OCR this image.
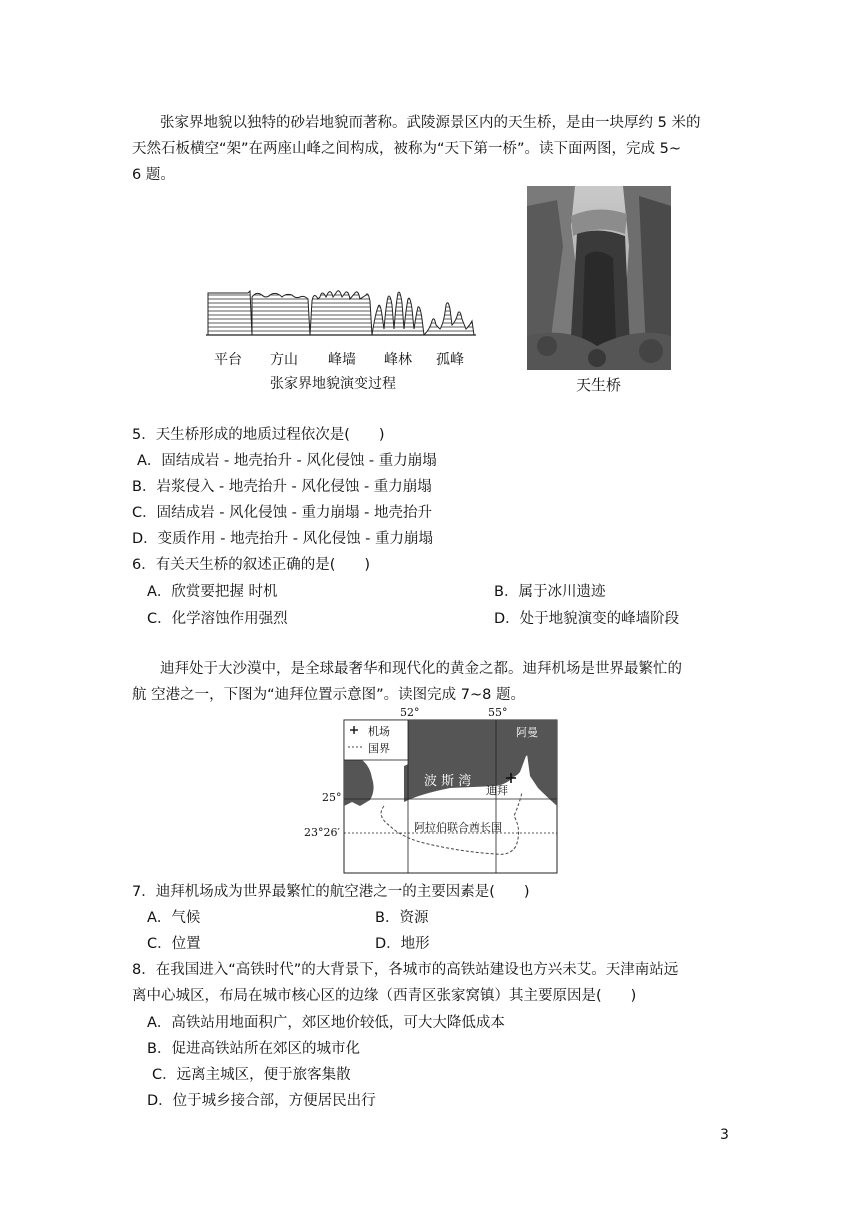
张家界地貌以独特的砂岩地貌而著称。武陵源景区内的天生桥，是由一块厚约 5 米的
天然石板横空“架”在两座山峰之间构成，被称为“天下第一桥”。读下面两图，完成 5~
6 题。
平台 方山 峰墙 峰林 孤峰
张家界地貌演变过程	天生桥
5．天生桥形成的地质过程依次是(　　)
A．固结成岩 - 地壳抬升 - 风化侵蚀 - 重力崩塌
B．岩浆侵入 - 地壳抬升 - 风化侵蚀 - 重力崩塌
C．固结成岩 - 风化侵蚀 - 重力崩塌 - 地壳抬升
D．变质作用 - 地壳抬升 - 风化侵蚀 - 重力崩塌
6．有关天生桥的叙述正确的是(　　)
A．欣赏要把握 时机	B．属于冰川遗迹
C．化学溶蚀作用强烈	D．处于地貌演变的峰墙阶段
迪拜处于大沙漠中，是全球最奢华和现代化的黄金之都。迪拜机场是世界最繁忙的
航 空港之一，下图为“迪拜位置示意图”。读图完成 7~8 题。
52°	55°
25°
23°26′
机场
国界
波 斯 湾
阿曼
迪拜
阿拉伯联合酋长国
7．迪拜机场成为世界最繁忙的航空港之一的主要因素是(　　)
A．气候	B．资源
C．位置	D．地形
8．在我国进入“高铁时代”的大背景下，各城市的高铁站建设也方兴未艾。天津南站远
离中心城区，布局在城市核心区的边缘（西青区张家窝镇）其主要原因是(　　)
A．高铁站用地面积广，郊区地价较低，可大大降低成本
B．促进高铁站所在郊区的城市化
C．远离主城区，便于旅客集散
D．位于城乡接合部，方便居民出行
3
